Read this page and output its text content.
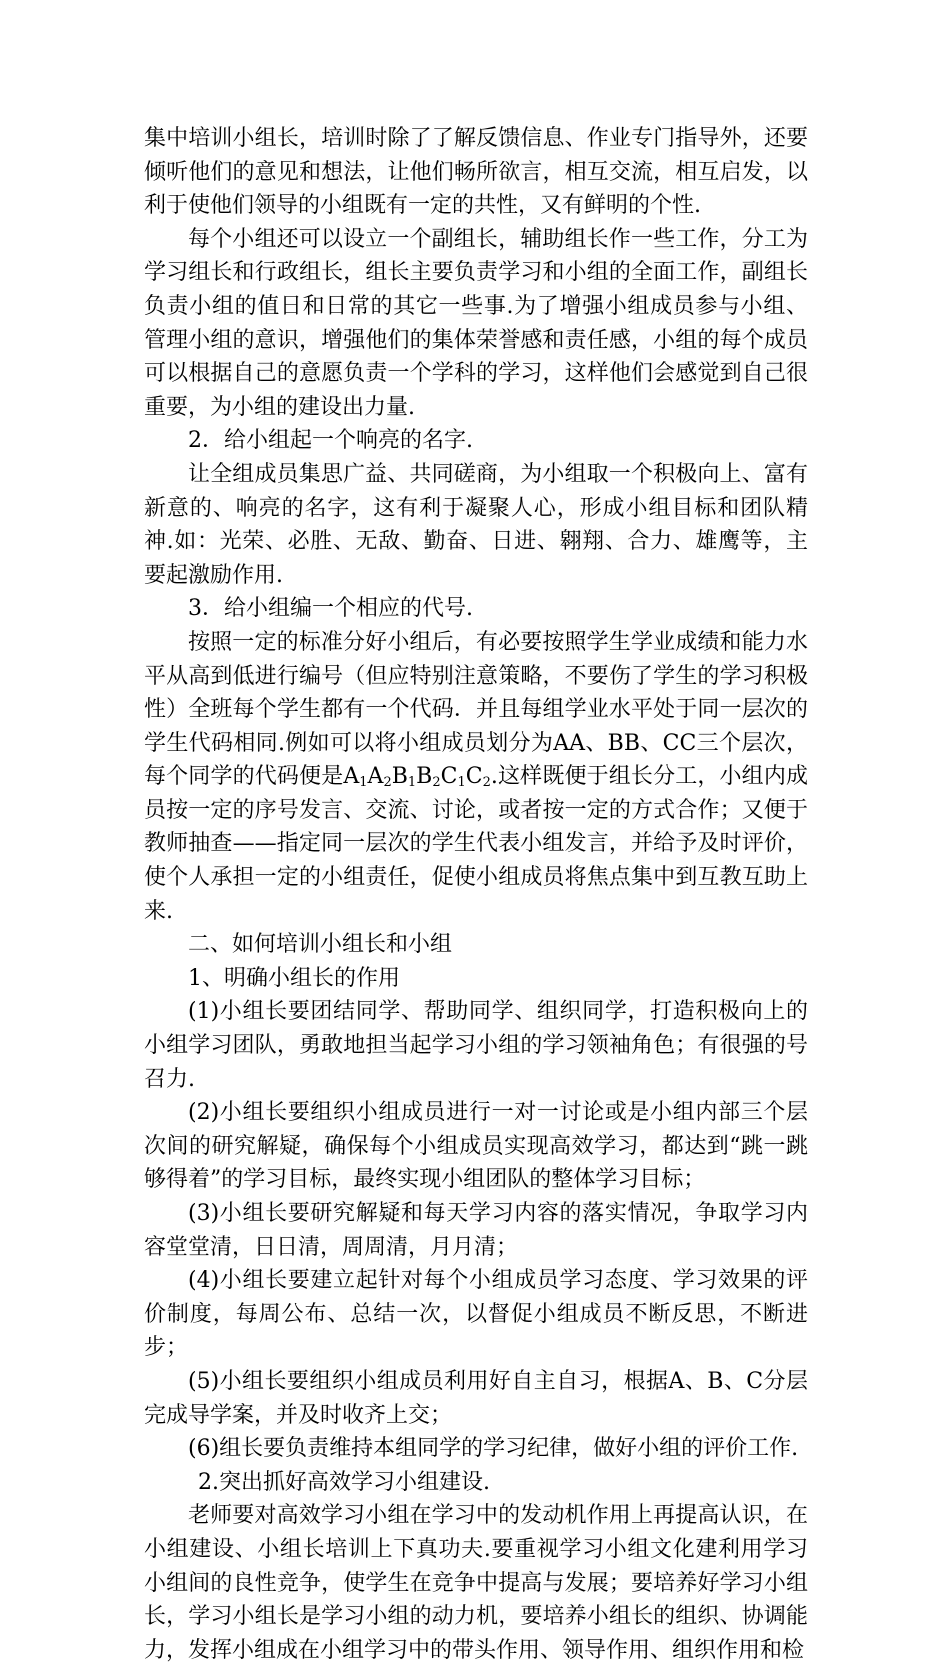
集中培训小组长，培训时除了了解反馈信息、作业专门指导外，还要倾听他们的意见和想法，让他们畅所欲言，相互交流，相互启发，以利于使他们领导的小组既有一定的共性，又有鲜明的个性.

每个小组还可以设立一个副组长，辅助组长作一些工作，分工为学习组长和行政组长，组长主要负责学习和小组的全面工作，副组长负责小组的值日和日常的其它一些事.为了增强小组成员参与小组、管理小组的意识，增强他们的集体荣誉感和责任感，小组的每个成员可以根据自己的意愿负责一个学科的学习，这样他们会感觉到自己很重要，为小组的建设出力量.

2．给小组起一个响亮的名字.

让全组成员集思广益、共同磋商，为小组取一个积极向上、富有新意的、响亮的名字，这有利于凝聚人心，形成小组目标和团队精神.如：光荣、必胜、无敌、勤奋、日进、翱翔、合力、雄鹰等，主要起激励作用.

3．给小组编一个相应的代号.

按照一定的标准分好小组后，有必要按照学生学业成绩和能力水平从高到低进行编号（但应特别注意策略，不要伤了学生的学习积极性）全班每个学生都有一个代码．并且每组学业水平处于同一层次的学生代码相同.例如可以将小组成员划分为AA、BB、CC三个层次，每个同学的代码便是$A_1A_2B_1B_2C_1C_2$.这样既便于组长分工，小组内成员按一定的序号发言、交流、讨论，或者按一定的方式合作；又便于教师抽查——指定同一层次的学生代表小组发言，并给予及时评价，使个人承担一定的小组责任，促使小组成员将焦点集中到互教互助上来.

二、如何培训小组长和小组

1、明确小组长的作用

(1)小组长要团结同学、帮助同学、组织同学，打造积极向上的小组学习团队，勇敢地担当起学习小组的学习领袖角色；有很强的号召力.

(2)小组长要组织小组成员进行一对一讨论或是小组内部三个层次间的研究解疑，确保每个小组成员实现高效学习，都达到“跳一跳够得着”的学习目标，最终实现小组团队的整体学习目标；

(3)小组长要研究解疑和每天学习内容的落实情况，争取学习内容堂堂清，日日清，周周清，月月清；

(4)小组长要建立起针对每个小组成员学习态度、学习效果的评价制度，每周公布、总结一次，以督促小组成员不断反思，不断进步；

(5)小组长要组织小组成员利用好自主自习，根据A、B、C分层完成导学案，并及时收齐上交；

(6)组长要负责维持本组同学的学习纪律，做好小组的评价工作.

2.突出抓好高效学习小组建设.

老师要对高效学习小组在学习中的发动机作用上再提高认识，在小组建设、小组长培训上下真功夫.要重视学习小组文化建利用学习小组间的良性竞争，使学生在竞争中提高与发展；要培养好学习小组长，学习小组长是学习小组的动力机，要培养小组长的组织、协调能力，发挥小组成在小组学习中的带头作用、领导作用、组织作用和检
